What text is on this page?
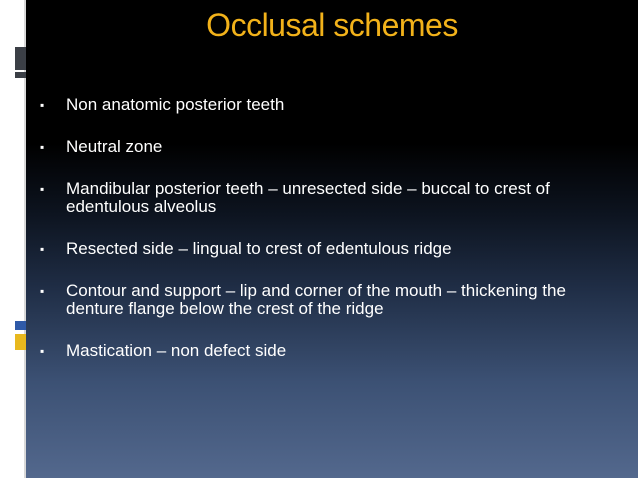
Occlusal schemes
▪ Non anatomic posterior teeth
▪ Neutral zone
▪ Mandibular posterior teeth – unresected side – buccal to crest of edentulous alveolus
▪ Resected side – lingual to crest of edentulous ridge
▪ Contour and support – lip and corner of the mouth – thickening the denture flange below the crest of the ridge
▪ Mastication – non defect side
